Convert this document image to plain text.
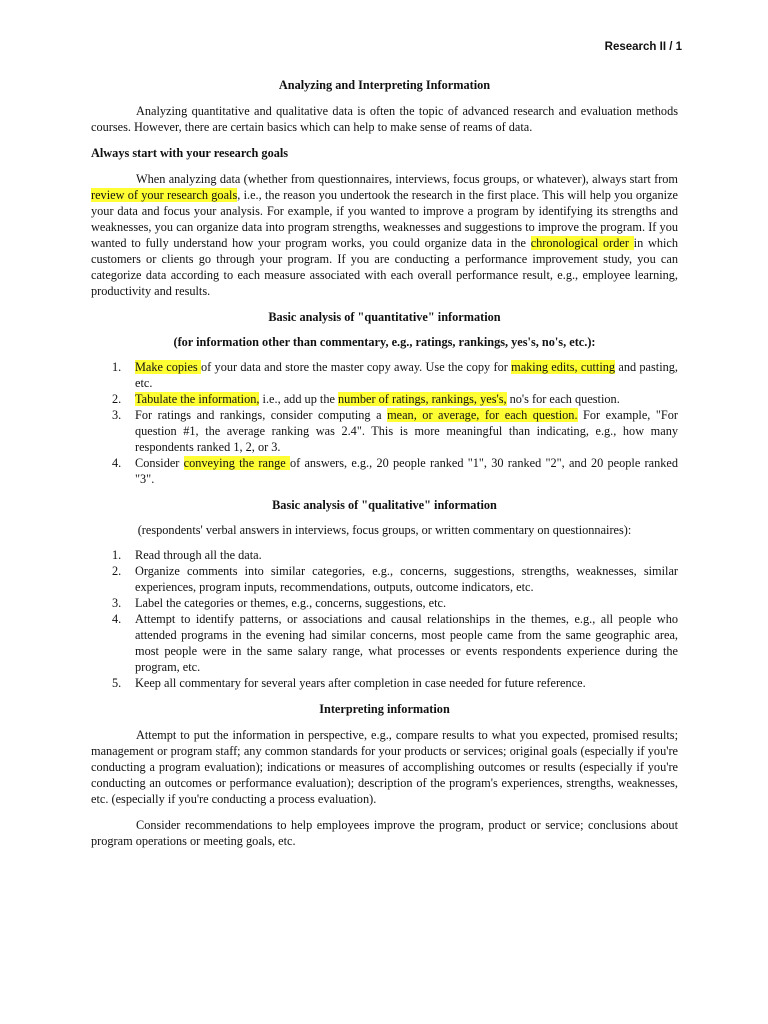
Research II / 1
Analyzing and Interpreting Information

Analyzing quantitative and qualitative data is often the topic of advanced research and evaluation methods courses. However, there are certain basics which can help to make sense of reams of data.

Always start with your research goals

When analyzing data (whether from questionnaires, interviews, focus groups, or whatever), always start from review of your research goals, i.e., the reason you undertook the research in the first place. This will help you organize your data and focus your analysis. For example, if you wanted to improve a program by identifying its strengths and weaknesses, you can organize data into program strengths, weaknesses and suggestions to improve the program. If you wanted to fully understand how your program works, you could organize data in the chronological order in which customers or clients go through your program. If you are conducting a performance improvement study, you can categorize data according to each measure associated with each overall performance result, e.g., employee learning, productivity and results.

Basic analysis of "quantitative" information
(for information other than commentary, e.g., ratings, rankings, yes's, no's, etc.):
1. Make copies of your data and store the master copy away. Use the copy for making edits, cutting and pasting, etc.
2. Tabulate the information, i.e., add up the number of ratings, rankings, yes's, no's for each question.
3. For ratings and rankings, consider computing a mean, or average, for each question. For example, "For question #1, the average ranking was 2.4". This is more meaningful than indicating, e.g., how many respondents ranked 1, 2, or 3.
4. Consider conveying the range of answers, e.g., 20 people ranked "1", 30 ranked "2", and 20 people ranked "3".
Basic analysis of "qualitative" information
(respondents' verbal answers in interviews, focus groups, or written commentary on questionnaires):
1. Read through all the data.
2. Organize comments into similar categories, e.g., concerns, suggestions, strengths, weaknesses, similar experiences, program inputs, recommendations, outputs, outcome indicators, etc.
3. Label the categories or themes, e.g., concerns, suggestions, etc.
4. Attempt to identify patterns, or associations and causal relationships in the themes, e.g., all people who attended programs in the evening had similar concerns, most people came from the same geographic area, most people were in the same salary range, what processes or events respondents experience during the program, etc.
5. Keep all commentary for several years after completion in case needed for future reference.
Interpreting information

Attempt to put the information in perspective, e.g., compare results to what you expected, promised results; management or program staff; any common standards for your products or services; original goals (especially if you're conducting a program evaluation); indications or measures of accomplishing outcomes or results (especially if you're conducting an outcomes or performance evaluation); description of the program's experiences, strengths, weaknesses, etc. (especially if you're conducting a process evaluation).

Consider recommendations to help employees improve the program, product or service; conclusions about program operations or meeting goals, etc.
